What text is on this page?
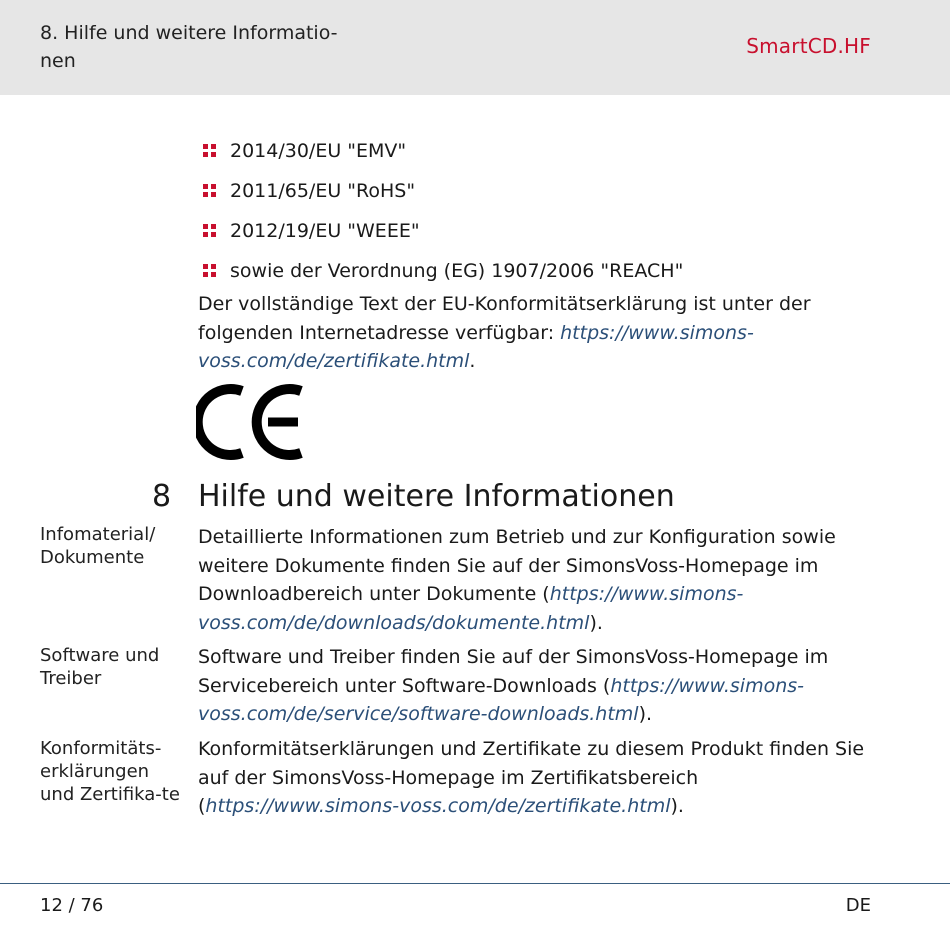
8. Hilfe und weitere Informatio-nen
SmartCD.HF
2014/30/EU "EMV"
2011/65/EU "RoHS"
2012/19/EU "WEEE"
sowie der Verordnung (EG) 1907/2006 "REACH"
Der vollständige Text der EU-Konformitätserklärung ist unter der folgenden Internetadresse verfügbar: https://www.simons-voss.com/de/zertifikate.html.
8 Hilfe und weitere Informationen
Infomaterial/ Dokumente
Detaillierte Informationen zum Betrieb und zur Konfiguration sowie weitere Dokumente finden Sie auf der SimonsVoss-Homepage im Downloadbereich unter Dokumente (https://www.simons-voss.com/de/downloads/dokumente.html).
Software und Treiber
Software und Treiber finden Sie auf der SimonsVoss-Homepage im Servicebereich unter Software-Downloads (https://www.simons-voss.com/de/service/software-downloads.html).
Konformitäts-erklärungen und Zertifika-te
Konformitätserklärungen und Zertifikate zu diesem Produkt finden Sie auf der SimonsVoss-Homepage im Zertifikatsbereich (https://www.simons-voss.com/de/zertifikate.html).
12 / 76	DE
